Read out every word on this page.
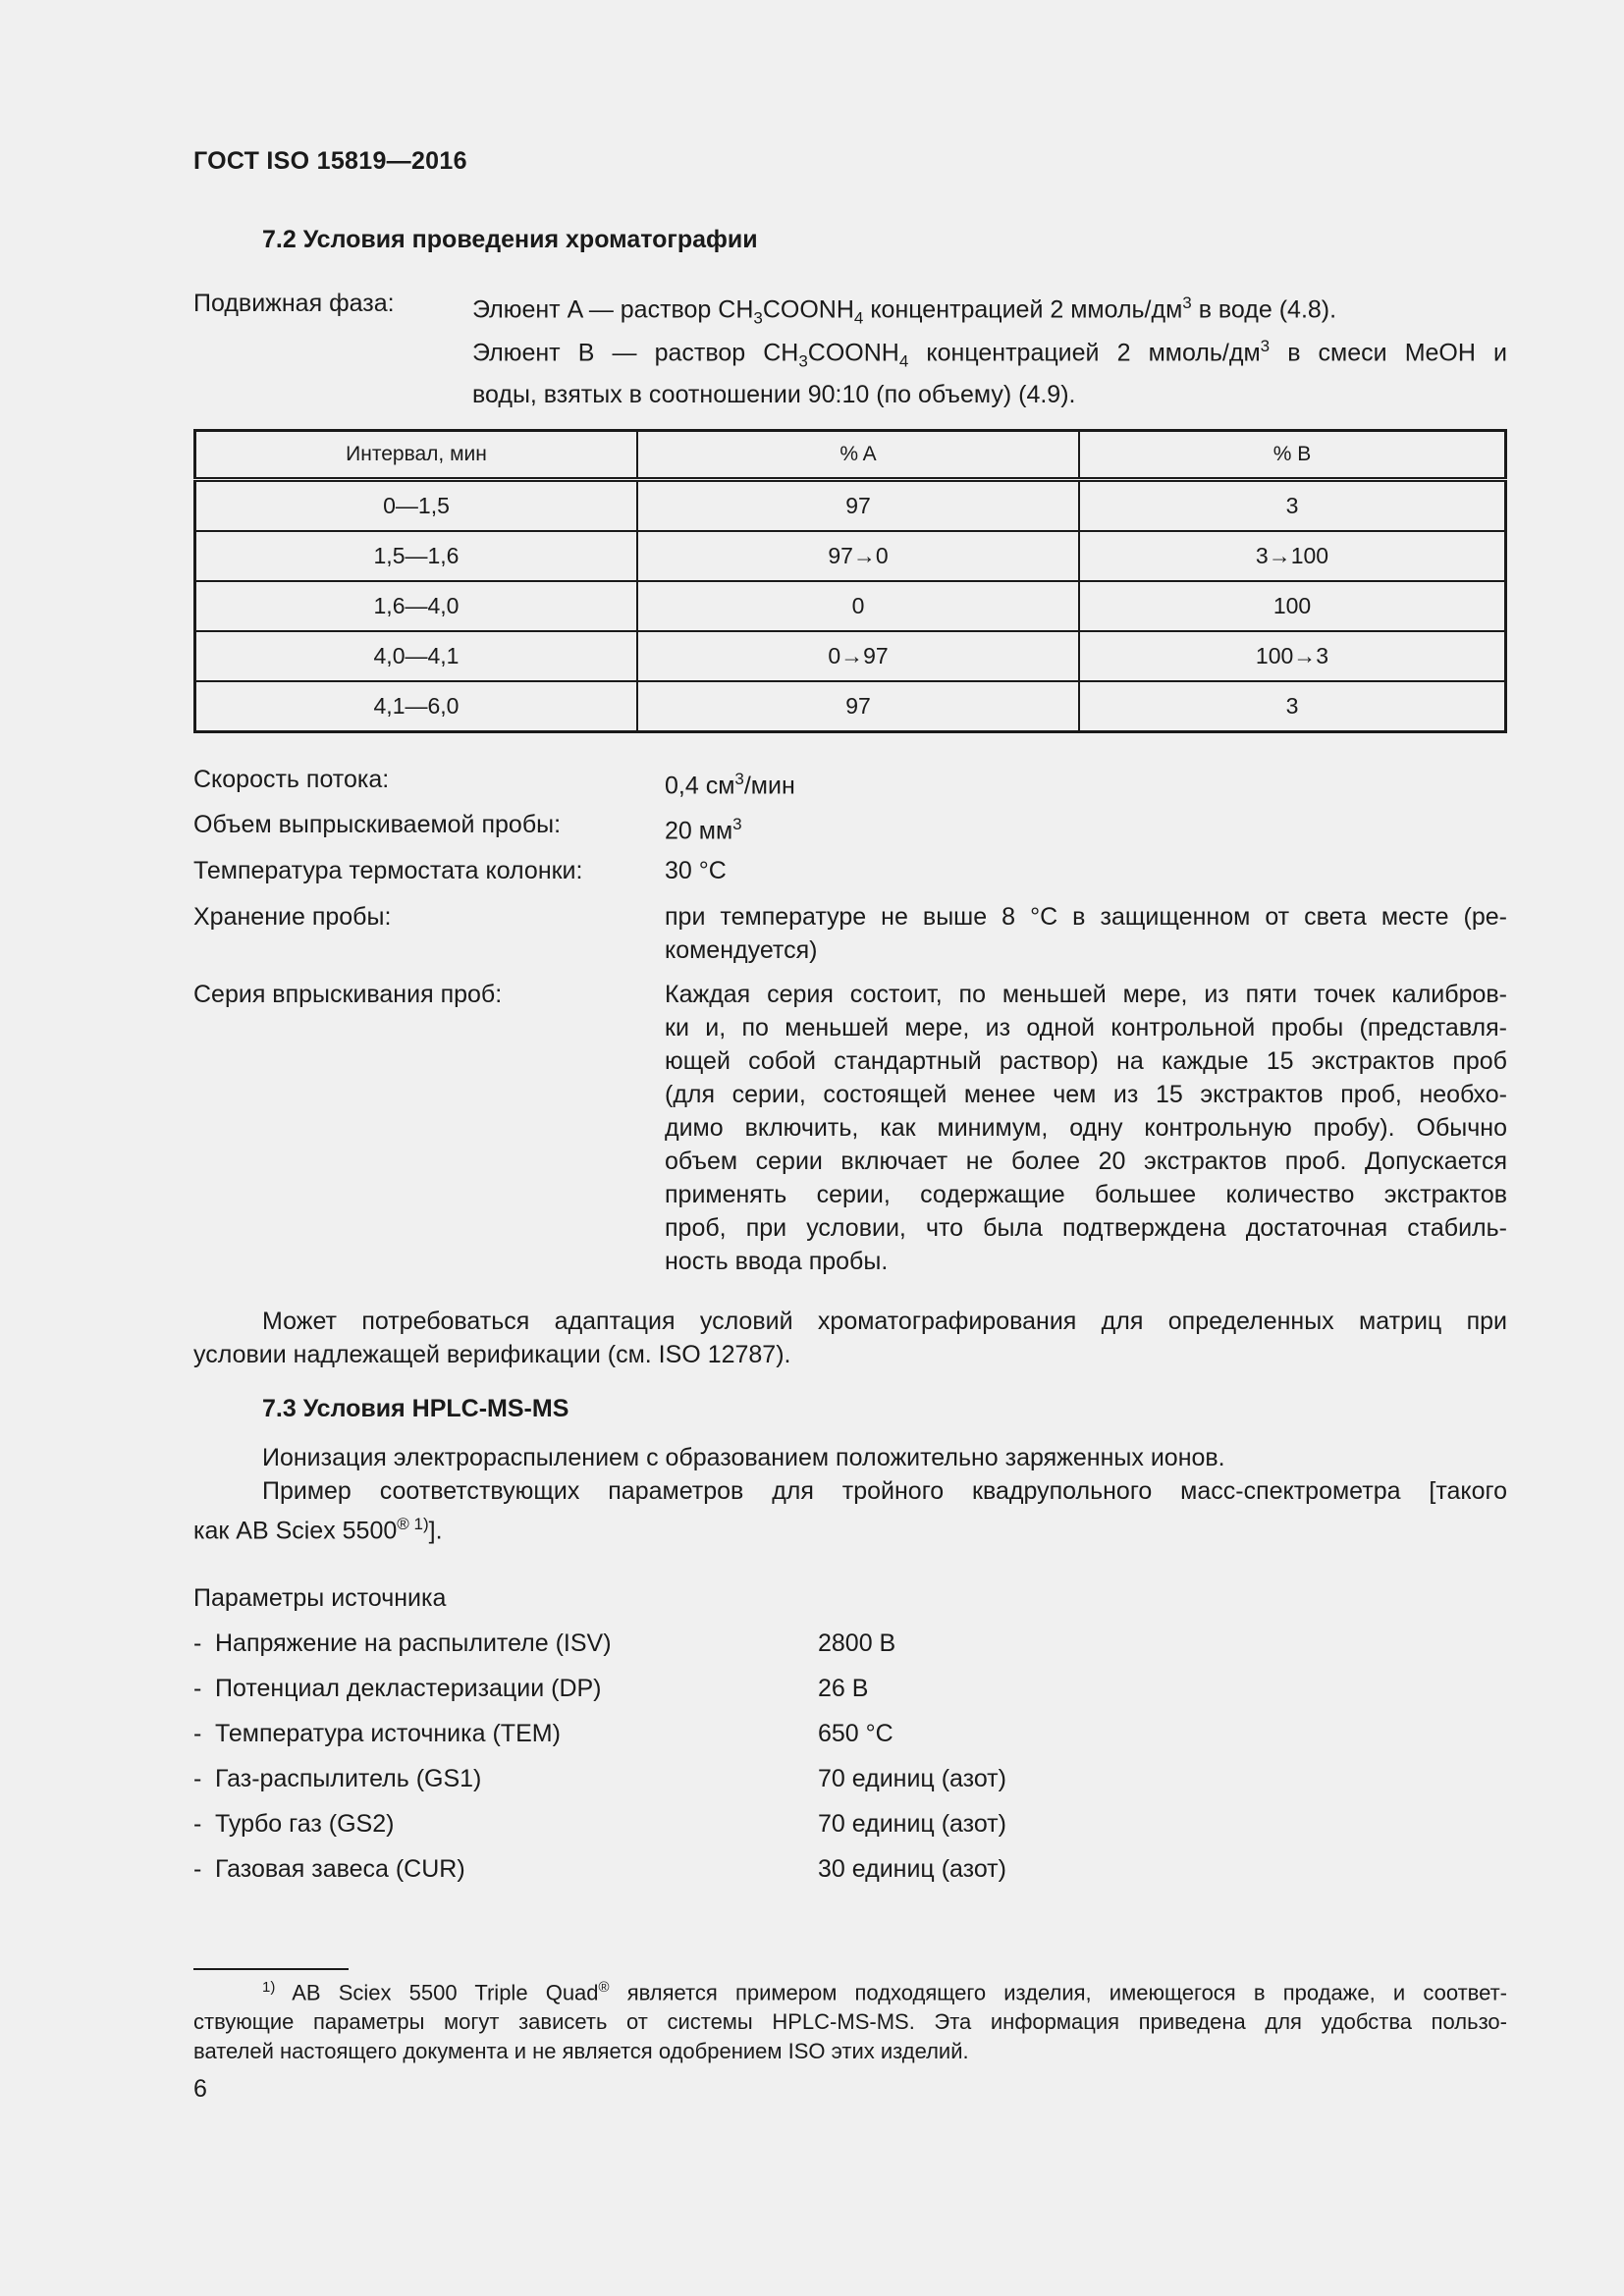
ГОСТ ISO 15819—2016
7.2 Условия проведения хроматографии
Подвижная фаза:	Элюент A — раствор $CH_3COONH_4$ концентрацией 2 ммоль/$дм^3$ в воде (4.8).
Элюент B — раствор $CH_3COONH_4$ концентрацией 2 ммоль/$дм^3$ в смеси MeOH и
воды, взятых в соотношении 90:10 (по объему) (4.9).
Интервал, мин	% A	% B
0—1,5	97	3
1,5—1,6	97→0	3→100
1,6—4,0	0	100
4,0—4,1	0→97	100→3
4,1—6,0	97	3
Скорость потока:	0,4 $см^3$/мин
Объем выпрыскиваемой пробы:	20 $мм^3$
Температура термостата колонки:	30 °C
Хранение пробы:	при температуре не выше 8 °C в защищенном от света месте (ре-
комендуется)
Серия впрыскивания проб:	Каждая серия состоит, по меньшей мере, из пяти точек калибров-
ки и, по меньшей мере, из одной контрольной пробы (представля-
ющей собой стандартный раствор) на каждые 15 экстрактов проб
(для серии, состоящей менее чем из 15 экстрактов проб, необхо-
димо включить, как минимум, одну контрольную пробу). Обычно
объем серии включает не более 20 экстрактов проб. Допускается
применять серии, содержащие большее количество экстрактов
проб, при условии, что была подтверждена достаточная стабиль-
ность ввода пробы.
Может потребоваться адаптация условий хроматографирования для определенных матриц при
условии надлежащей верификации (см. ISO 12787).
7.3 Условия HPLC-MS-MS
Ионизация электрораспылением с образованием положительно заряженных ионов.
Пример соответствующих параметров для тройного квадрупольного масс-спектрометра [такого
как AB Sciex $5500^{® 1)}$].
Параметры источника
- Напряжение на распылителе (ISV)	2800 В
- Потенциал декластеризации (DP)	26 В
- Температура источника (TEM)	650 °C
- Газ-распылитель (GS1)	70 единиц (азот)
- Турбо газ (GS2)	70 единиц (азот)
- Газовая завеса (CUR)	30 единиц (азот)
$^{1)}$ AB Sciex 5500 Triple Quad® является примером подходящего изделия, имеющегося в продаже, и соответ-
ствующие параметры могут зависеть от системы HPLC-MS-MS. Эта информация приведена для удобства пользо-
вателей настоящего документа и не является одобрением ISO этих изделий.
6
